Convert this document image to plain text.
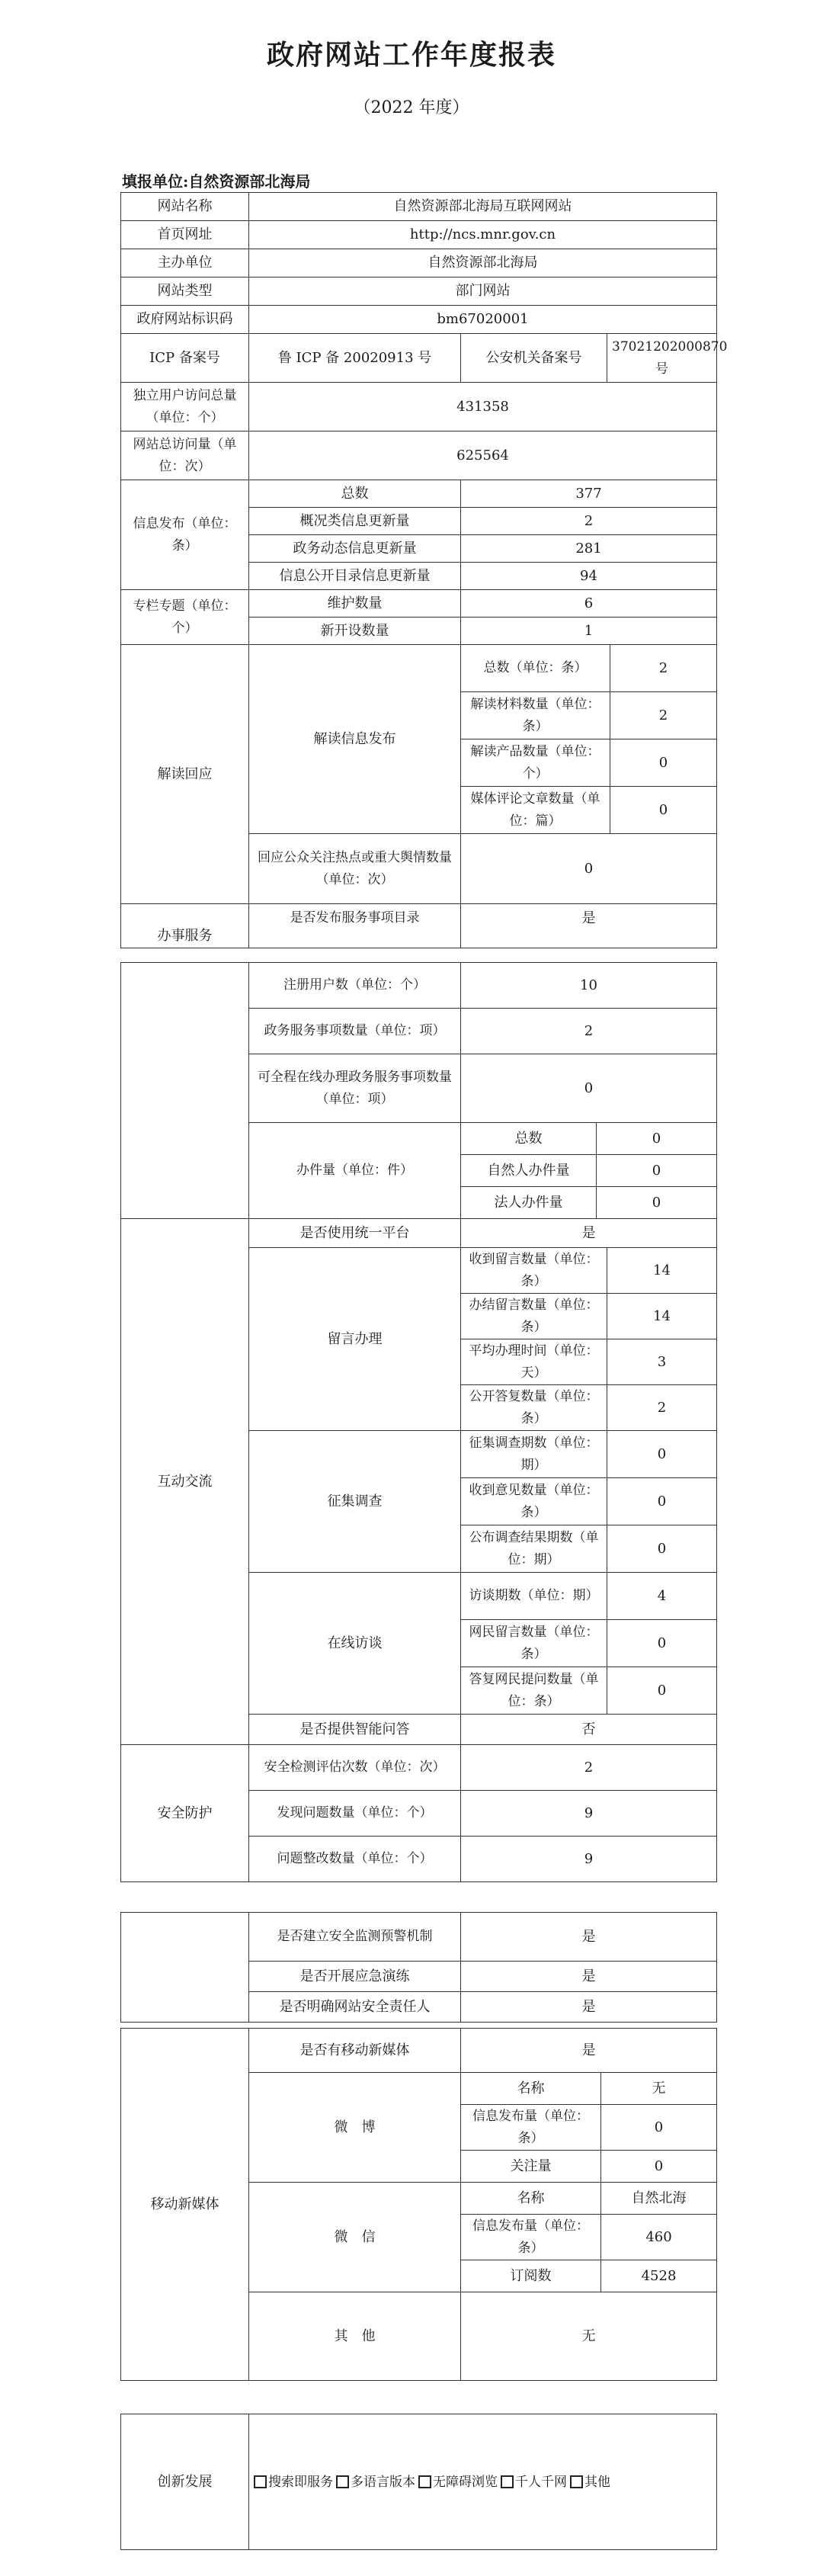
政府网站工作年度报表
（2022 年度）
填报单位:自然资源部北海局
网站名称	自然资源部北海局互联网网站		
首页网址	http://ncs.mnr.gov.cn		
主办单位	自然资源部北海局		
网站类型	部门网站		
政府网站标识码	bm67020001		
ICP 备案号	鲁 ICP 备 20020913 号	公安机关备案号	37021202000870 号
独立用户访问总量（单位：个）	431358		
网站总访问量（单位：次）	625564		
信息发布（单位：条）	总数	377
	概况类信息更新量	2
	政务动态信息更新量	281
	信息公开目录信息更新量	94
专栏专题（单位：个）	维护数量	6
	新开设数量	1
解读回应	解读信息发布	总数（单位：条）	2
		解读材料数量（单位：条）	2
		解读产品数量（单位：个）	0
		媒体评论文章数量（单位：篇）	0
	回应公众关注热点或重大舆情数量（单位：次）	0	
办事服务	是否发布服务事项目录	是
	注册用户数（单位：个）	10	
	政务服务事项数量（单位：项）	2	
	可全程在线办理政务服务事项数量（单位：项）	0	
	办件量（单位：件）	总数	0
		自然人办件量	0
		法人办件量	0
互动交流	是否使用统一平台	是	
	留言办理	收到留言数量（单位：条）	14
		办结留言数量（单位：条）	14
		平均办理时间（单位：天）	3
		公开答复数量（单位：条）	2
	征集调查	征集调查期数（单位：期）	0
		收到意见数量（单位：条）	0
		公布调查结果期数（单位：期）	0
	在线访谈	访谈期数（单位：期）	4
		网民留言数量（单位：条）	0
		答复网民提问数量（单位：条）	0
	是否提供智能问答	否	
安全防护	安全检测评估次数（单位：次）	2
	发现问题数量（单位：个）	9
	问题整改数量（单位：个）	9
	是否建立安全监测预警机制	是
	是否开展应急演练	是
	是否明确网站安全责任人	是
移动新媒体	是否有移动新媒体	是	
	微　博	名称	无
		信息发布量（单位：条）	0
		关注量	0
	微　信	名称	自然北海
		信息发布量（单位：条）	460
		订阅数	4528
	其　他	无	
创新发展	搜索即服务 多语言版本 无障碍浏览 千人千网 其他
